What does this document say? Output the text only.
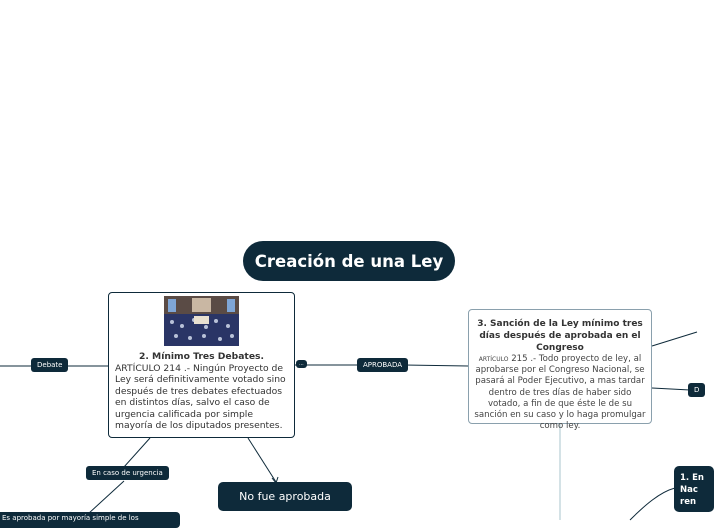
Creación de una Ley
2. Mínimo Tres Debates.
ARTÍCULO 214 .- Ningún Proyecto de Ley será definitivamente votado sino después de tres debates efectuados en distintos días, salvo el caso de urgencia calificada por simple mayoría de los diputados presentes.
Debate	...	APROBADA
En caso de urgencia
D
3. Sanción de la Ley mínimo tres días después de aprobada en el Congreso
ARTÍCULO 215 .- Todo proyecto de ley, al aprobarse por el Congreso Nacional, se pasará al Poder Ejecutivo, a mas tardar dentro de tres días de haber sido votado, a fin de que éste le de su sanción en su caso y lo haga promulgar como ley.
No fue aprobada
1. En
Nac
ren
Es aprobada por mayoría simple de los
